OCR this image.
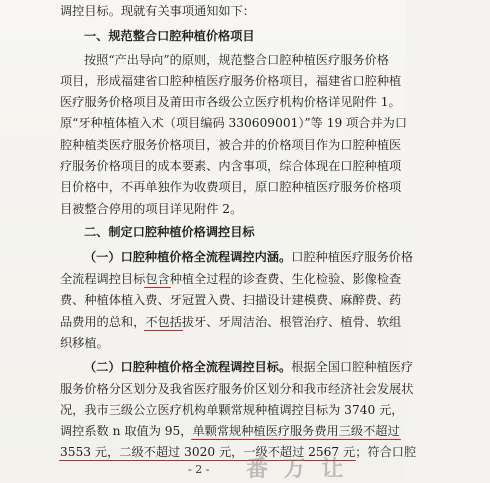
调控目标。现就有关事项通知如下：
一、规范整合口腔种植价格项目
按照“产出导向”的原则，规范整合口腔种植医疗服务价格
项目，形成福建省口腔种植医疗服务价格项目，福建省口腔种植
医疗服务价格项目及莆田市各级公立医疗机构价格详见附件 1。
原“牙种植体植入术（项目编码 330609001）”等 19 项合并为口
腔种植类医疗服务价格项目，被合并的价格项目作为口腔种植医
疗服务价格项目的成本要素、内含事项，综合体现在口腔种植项
目价格中，不再单独作为收费项目，原口腔种植医疗服务价格项
目被整合停用的项目详见附件 2。
二、制定口腔种植价格调控目标
（一）口腔种植价格全流程调控内涵。口腔种植医疗服务价格
全流程调控目标包含种植全过程的诊查费、生化检验、影像检查
费、种植体植入费、牙冠置入费、扫描设计建模费、麻醉费、药
品费用的总和，不包括拔牙、牙周洁治、根管治疗、植骨、软组
织移植。
（二）口腔种植价格全流程调控目标。根据全国口腔种植医疗
服务价格分区划分及我省医疗服务价区划分和我市经济社会发展状
况，我市三级公立医疗机构单颗常规种植调控目标为 3740 元，
调控系数 n 取值为 95，单颗常规种植医疗服务费用三级不超过
3553 元，二级不超过 3020 元，一级不超过 2567 元；符合口腔
番 万 让
- 2 -
